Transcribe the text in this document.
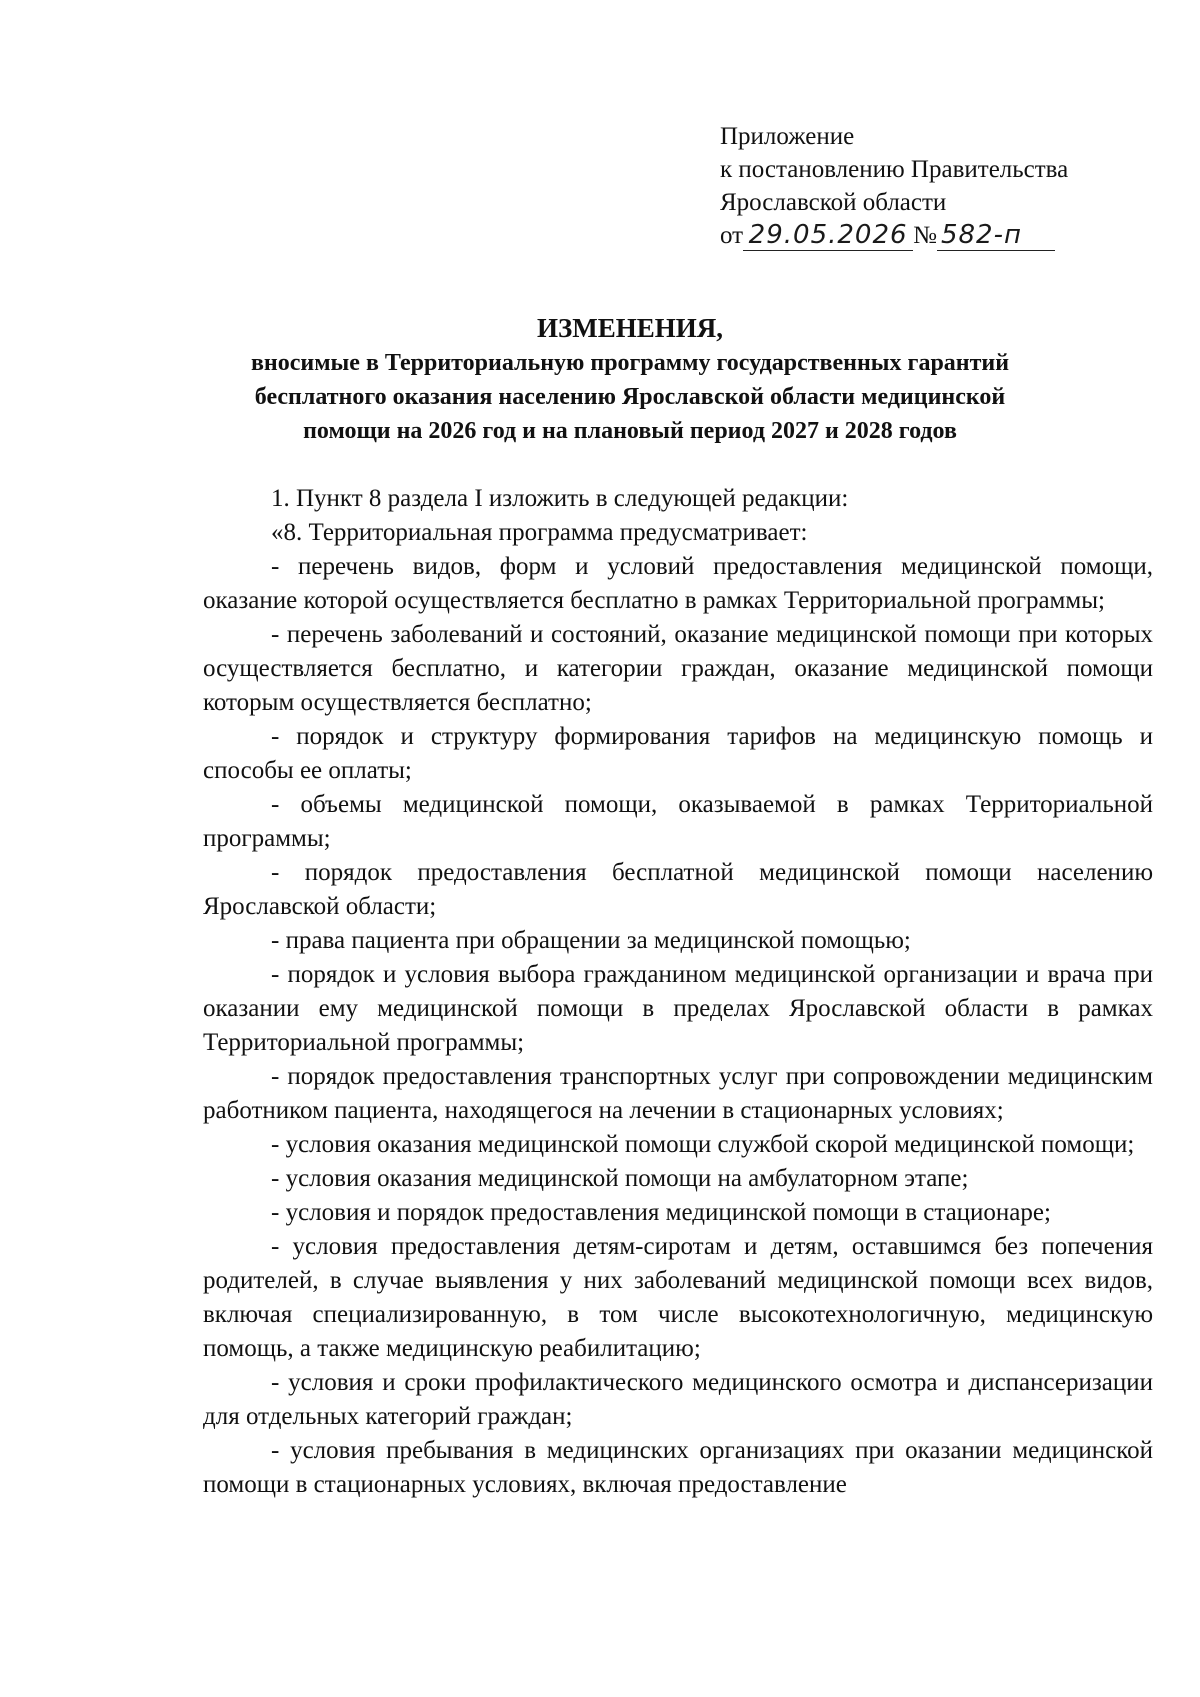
Приложение
к постановлению Правительства
Ярославской области
от 29.05.2026 № 582-п
ИЗМЕНЕНИЯ,
вносимые в Территориальную программу государственных гарантий
бесплатного оказания населению Ярославской области медицинской
помощи на 2026 год и на плановый период 2027 и 2028 годов

1. Пункт 8 раздела I изложить в следующей редакции:

«8. Территориальная программа предусматривает:

- перечень видов, форм и условий предоставления медицинской помощи, оказание которой осуществляется бесплатно в рамках Территориальной программы;

- перечень заболеваний и состояний, оказание медицинской помощи при которых осуществляется бесплатно, и категории граждан, оказание медицинской помощи которым осуществляется бесплатно;

- порядок и структуру формирования тарифов на медицинскую помощь и способы ее оплаты;

- объемы медицинской помощи, оказываемой в рамках Территориальной программы;

- порядок предоставления бесплатной медицинской помощи населению Ярославской области;

- права пациента при обращении за медицинской помощью;

- порядок и условия выбора гражданином медицинской организации и врача при оказании ему медицинской помощи в пределах Ярославской области в рамках Территориальной программы;

- порядок предоставления транспортных услуг при сопровождении медицинским работником пациента, находящегося на лечении в стационарных условиях;

- условия оказания медицинской помощи службой скорой медицинской помощи;

- условия оказания медицинской помощи на амбулаторном этапе;

- условия и порядок предоставления медицинской помощи в стационаре;

- условия предоставления детям-сиротам и детям, оставшимся без попечения родителей, в случае выявления у них заболеваний медицинской помощи всех видов, включая специализированную, в том числе высокотехнологичную, медицинскую помощь, а также медицинскую реабилитацию;

- условия и сроки профилактического медицинского осмотра и диспансеризации для отдельных категорий граждан;

- условия пребывания в медицинских организациях при оказании медицинской помощи в стационарных условиях, включая предоставление
